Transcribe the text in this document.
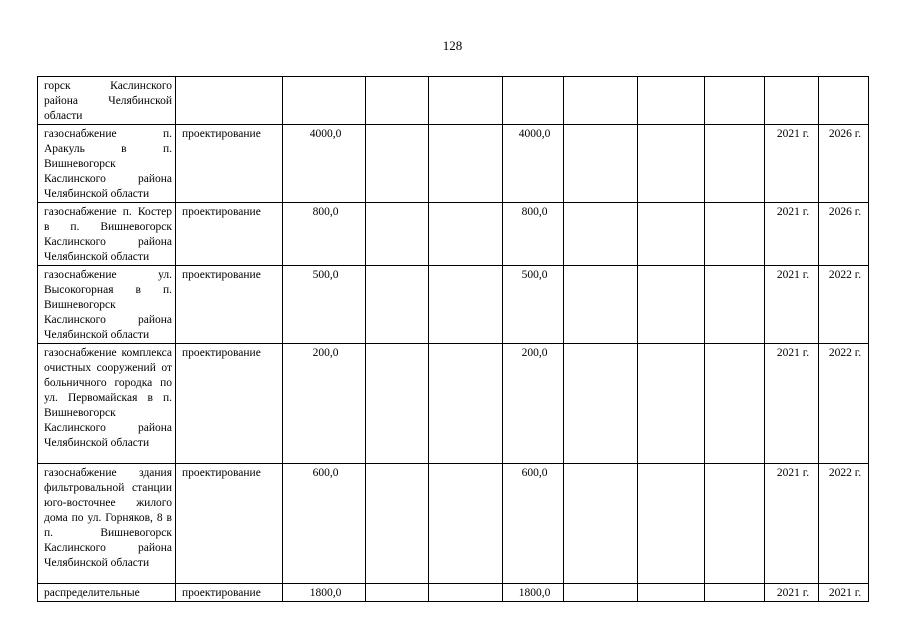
128
горск Каслинского района Челябинской области										
газоснабжение п. Аракуль в п. Вишневогорск Каслинского района Челябинской области	проектирование	4000,0			4000,0				2021 г.	2026 г.
газоснабжение п. Костер в п. Вишневогорск Каслинского района Челябинской области	проектирование	800,0			800,0				2021 г.	2026 г.
газоснабжение ул. Высокогорная в п. Вишневогорск Каслинского района Челябинской области	проектирование	500,0			500,0				2021 г.	2022 г.
газоснабжение комплекса очистных сооружений от больничного городка по ул. Первомайская в п. Вишневогорск Каслинского района Челябинской области	проектирование	200,0			200,0				2021 г.	2022 г.
газоснабжение здания фильтровальной станции юго-восточнее жилого дома по ул. Горняков, 8 в п. Вишневогорск Каслинского района Челябинской области	проектирование	600,0			600,0				2021 г.	2022 г.
распределительные	проектирование	1800,0			1800,0				2021 г.	2021 г.
